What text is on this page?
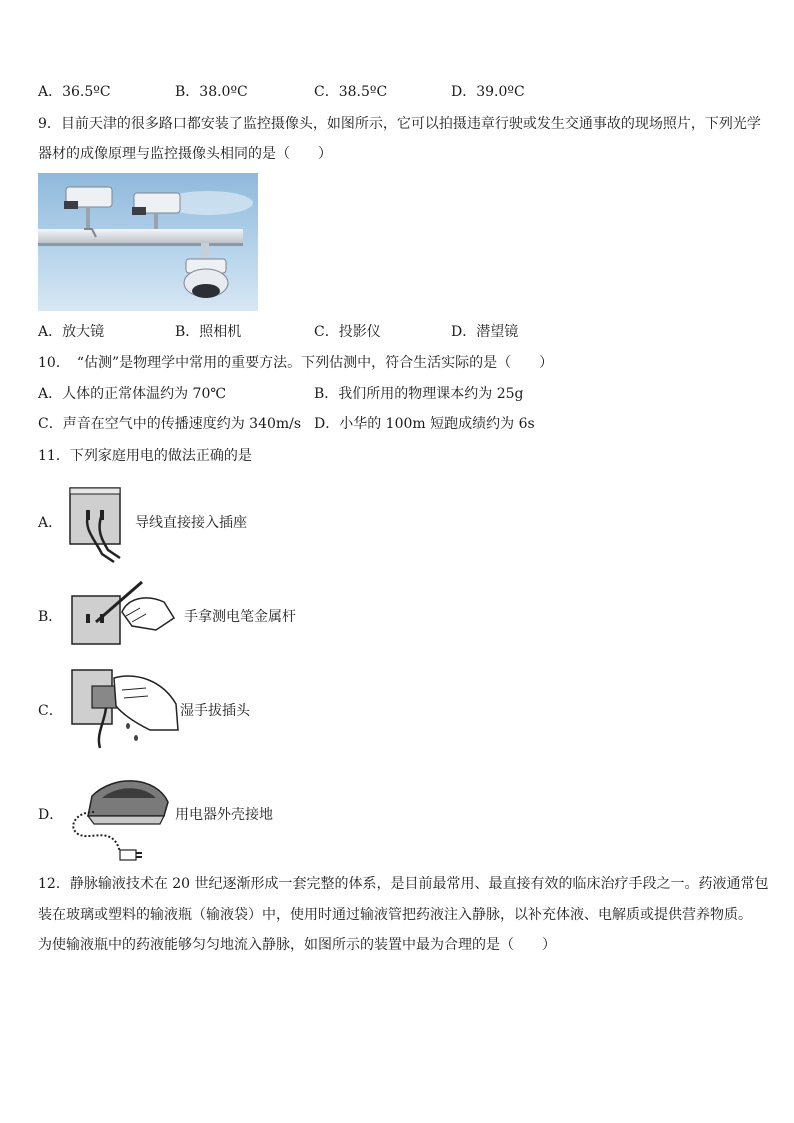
A．36.5ºC	B．38.0ºC	C．38.5ºC	D．39.0ºC
9．目前天津的很多路口都安装了监控摄像头，如图所示，它可以拍摄违章行驶或发生交通事故的现场照片，下列光学
器材的成像原理与监控摄像头相同的是（　　）
A．放大镜	B．照相机	C．投影仪	D．潜望镜
10．　“估测”是物理学中常用的重要方法。下列估测中，符合生活实际的是（　　）
A．人体的正常体温约为 70℃	B．我们所用的物理课本约为 25g
C．声音在空气中的传播速度约为 340m/s D．小华的 100m 短跑成绩约为 6s
11．下列家庭用电的做法正确的是
A．	导线直接接入插座
B．	手拿测电笔金属杆
C．	湿手拔插头
D．	用电器外壳接地
12．静脉输液技术在 20 世纪逐渐形成一套完整的体系，是目前最常用、最直接有效的临床治疗手段之一。药液通常包
装在玻璃或塑料的输液瓶（输液袋）中，使用时通过输液管把药液注入静脉，以补充体液、电解质或提供营养物质。
为使输液瓶中的药液能够匀匀地流入静脉，如图所示的装置中最为合理的是（　　）
